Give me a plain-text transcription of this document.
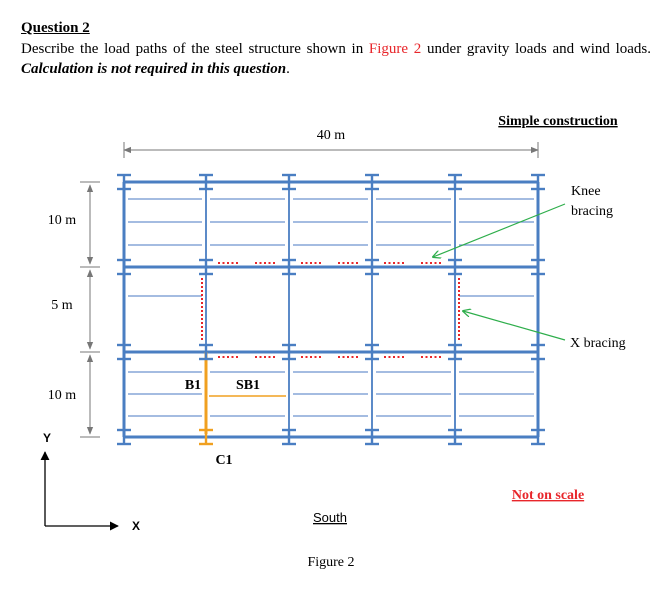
Question 2

Describe the load paths of the steel structure shown in Figure 2 under gravity loads and wind loads. Calculation is not required in this question.

Simple construction
40 m
10 m
5 m
10 m
B1 SB1
C1
Knee
bracing
X bracing
Not on scale
Y
X
South
Figure 2
